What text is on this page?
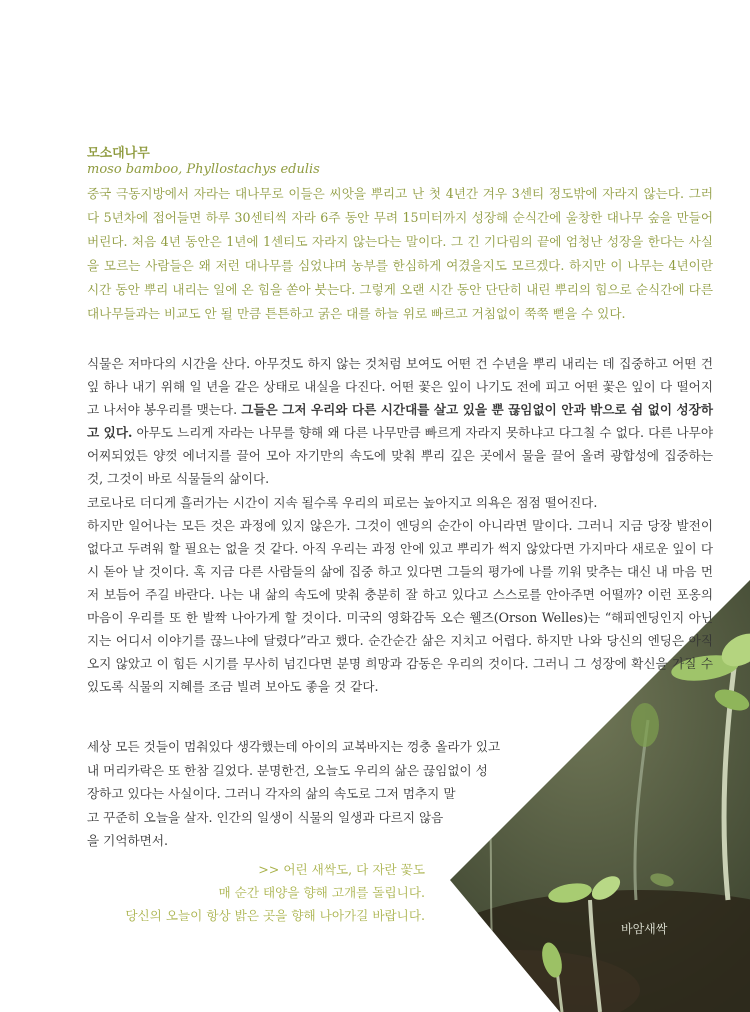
바암새싹
모소대나무
moso bamboo, Phyllostachys edulis
중국 극동지방에서 자라는 대나무로 이들은 씨앗을 뿌리고 난 첫 4년간 겨우 3센티 정도밖에 자라지 않는다. 그러다 5년차에 접어들면 하루 30센티씩 자라 6주 동안 무려 15미터까지 성장해 순식간에 울창한 대나무 숲을 만들어 버린다. 처음 4년 동안은 1년에 1센티도 자라지 않는다는 말이다. 그 긴 기다림의 끝에 엄청난 성장을 한다는 사실을 모르는 사람들은 왜 저런 대나무를 심었냐며 농부를 한심하게 여겼을지도 모르겠다. 하지만 이 나무는 4년이란 시간 동안 뿌리 내리는 일에 온 힘을 쏟아 붓는다. 그렇게 오랜 시간 동안 단단히 내린 뿌리의 힘으로 순식간에 다른 대나무들과는 비교도 안 될 만큼 튼튼하고 굵은 대를 하늘 위로 빠르고 거침없이 쭉쭉 뻗을 수 있다.

식물은 저마다의 시간을 산다. 아무것도 하지 않는 것처럼 보여도 어떤 건 수년을 뿌리 내리는 데 집중하고 어떤 건 잎 하나 내기 위해 일 년을 같은 상태로 내실을 다진다. 어떤 꽃은 잎이 나기도 전에 피고 어떤 꽃은 잎이 다 떨어지고 나서야 봉우리를 맺는다. 그들은 그저 우리와 다른 시간대를 살고 있을 뿐 끊임없이 안과 밖으로 쉼 없이 성장하고 있다. 아무도 느리게 자라는 나무를 향해 왜 다른 나무만큼 빠르게 자라지 못하냐고 다그칠 수 없다. 다른 나무야 어찌되었든 양껏 에너지를 끌어 모아 자기만의 속도에 맞춰 뿌리 깊은 곳에서 물을 끌어 올려 광합성에 집중하는 것, 그것이 바로 식물들의 삶이다.

코로나로 더디게 흘러가는 시간이 지속 될수록 우리의 피로는 높아지고 의욕은 점점 떨어진다.

하지만 일어나는 모든 것은 과정에 있지 않은가. 그것이 엔딩의 순간이 아니라면 말이다. 그러니 지금 당장 발전이 없다고 두려워 할 필요는 없을 것 같다. 아직 우리는 과정 안에 있고 뿌리가 썩지 않았다면 가지마다 새로운 잎이 다시 돋아 날 것이다. 혹 지금 다른 사람들의 삶에 집중 하고 있다면 그들의 평가에 나를 끼워 맞추는 대신 내 마음 먼저 보듬어 주길 바란다. 나는 내 삶의 속도에 맞춰 충분히 잘 하고 있다고 스스로를 안아주면 어떨까? 이런 포옹의 마음이 우리를 또 한 발짝 나아가게 할 것이다. 미국의 영화감독 오슨 웰즈(Orson Welles)는 “해피엔딩인지 아닌지는 어디서 이야기를 끊느냐에 달렸다”라고 했다. 순간순간 삶은 지치고 어렵다. 하지만 나와 당신의 엔딩은 아직 오지 않았고 이 힘든 시기를 무사히 넘긴다면 분명 희망과 감동은 우리의 것이다. 그러니 그 성장에 확신을 가질 수 있도록 식물의 지혜를 조금 빌려 보아도 좋을 것 같다.

세상 모든 것들이 멈춰있다 생각했는데 아이의 교복바지는 껑충 올라가 있고

내 머리카락은 또 한참 길었다. 분명한건, 오늘도 우리의 삶은 끊임없이 성

장하고 있다는 사실이다. 그러니 각자의 삶의 속도로 그저 멈추지 말

고 꾸준히 오늘을 살자. 인간의 일생이 식물의 일생과 다르지 않음

을 기억하면서.

>> 어린 새싹도, 다 자란 꽃도
매 순간 태양을 향해 고개를 돌립니다.
당신의 오늘이 항상 밝은 곳을 향해 나아가길 바랍니다.
